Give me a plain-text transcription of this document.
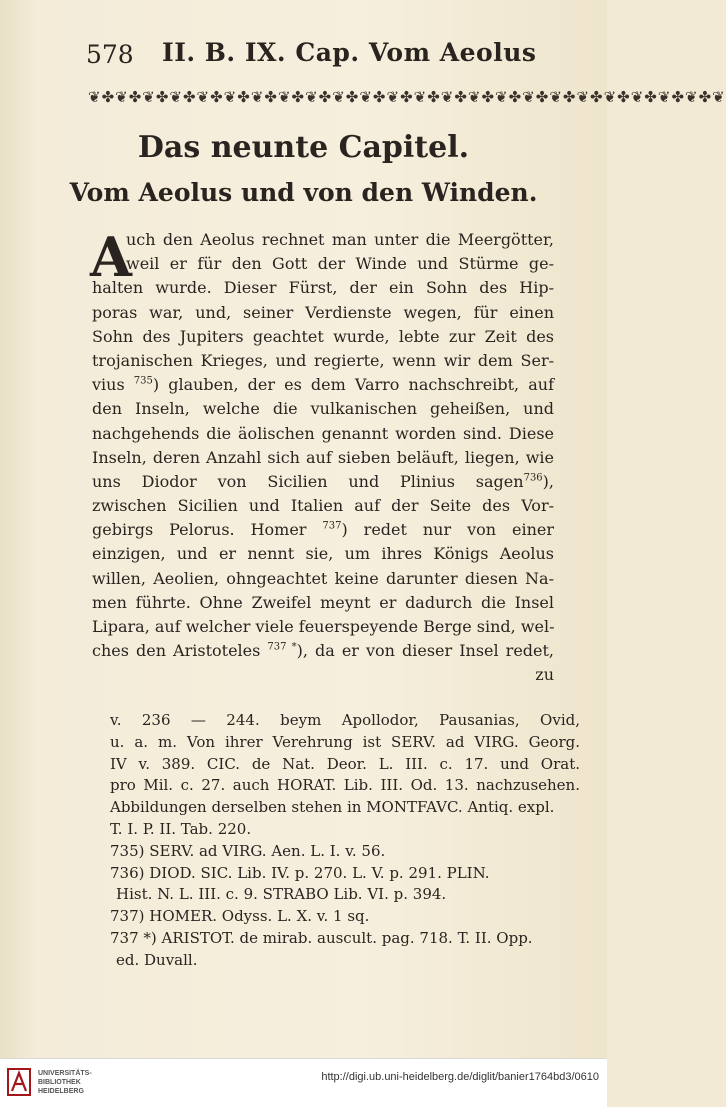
578 II. B. IX. Cap. Vom Aeolus
❦✤❦✤❦✤❦✤❦✤❦✤❦✤❦✤❦✤❦✤❦✤❦✤❦✤❦✤❦✤❦✤❦✤❦✤❦✤❦✤❦✤❦✤❦✤❦
Das neunte Capitel.
Vom Aeolus und von den Winden.
A
uch den Aeolus rechnet man unter die Meergötter,
weil er für den Gott der Winde und Stürme ge-
halten wurde. Dieser Fürst, der ein Sohn des Hip-
poras war, und, seiner Verdienste wegen, für einen
Sohn des Jupiters geachtet wurde, lebte zur Zeit des
trojanischen Krieges, und regierte, wenn wir dem Ser-
vius $^{735}$) glauben, der es dem Varro nachschreibt, auf
den Inseln, welche die vulkanischen geheißen, und
nachgehends die äolischen genannt worden sind. Diese
Inseln, deren Anzahl sich auf sieben beläuft, liegen, wie
uns Diodor von Sicilien und Plinius sagen$^{736}$),
zwischen Sicilien und Italien auf der Seite des Vor-
gebirgs Pelorus. Homer $^{737}$) redet nur von einer
einzigen, und er nennt sie, um ihres Königs Aeolus
willen, Aeolien, ohngeachtet keine darunter diesen Na-
men führte. Ohne Zweifel meynt er dadurch die Insel
Lipara, auf welcher viele feuerspeyende Berge sind, wel-
ches den Aristoteles $^{737 *}$), da er von dieser Insel redet,
zu
v. 236 — 244. beym Apollodor, Pausanias, Ovid,
u. a. m. Von ihrer Verehrung ist SERV. ad VIRG. Georg.
IV v. 389. CIC. de Nat. Deor. L. III. c. 17. und Orat.
pro Mil. c. 27. auch HORAT. Lib. III. Od. 13. nachzusehen.
Abbildungen derselben stehen in MONTFAVC. Antiq. expl.
T. I. P. II. Tab. 220.
735) SERV. ad VIRG. Aen. L. I. v. 56.
736) DIOD. SIC. Lib. IV. p. 270. L. V. p. 291. PLIN.
Hist. N. L. III. c. 9. STRABO Lib. VI. p. 394.
737) HOMER. Odyss. L. X. v. 1 sq.
737 *) ARISTOT. de mirab. auscult. pag. 718. T. II. Opp.
ed. Duvall.
UNIVERSITÄTS-
BIBLIOTHEK
HEIDELBERG
http://digi.ub.uni-heidelberg.de/diglit/banier1764bd3/0610
